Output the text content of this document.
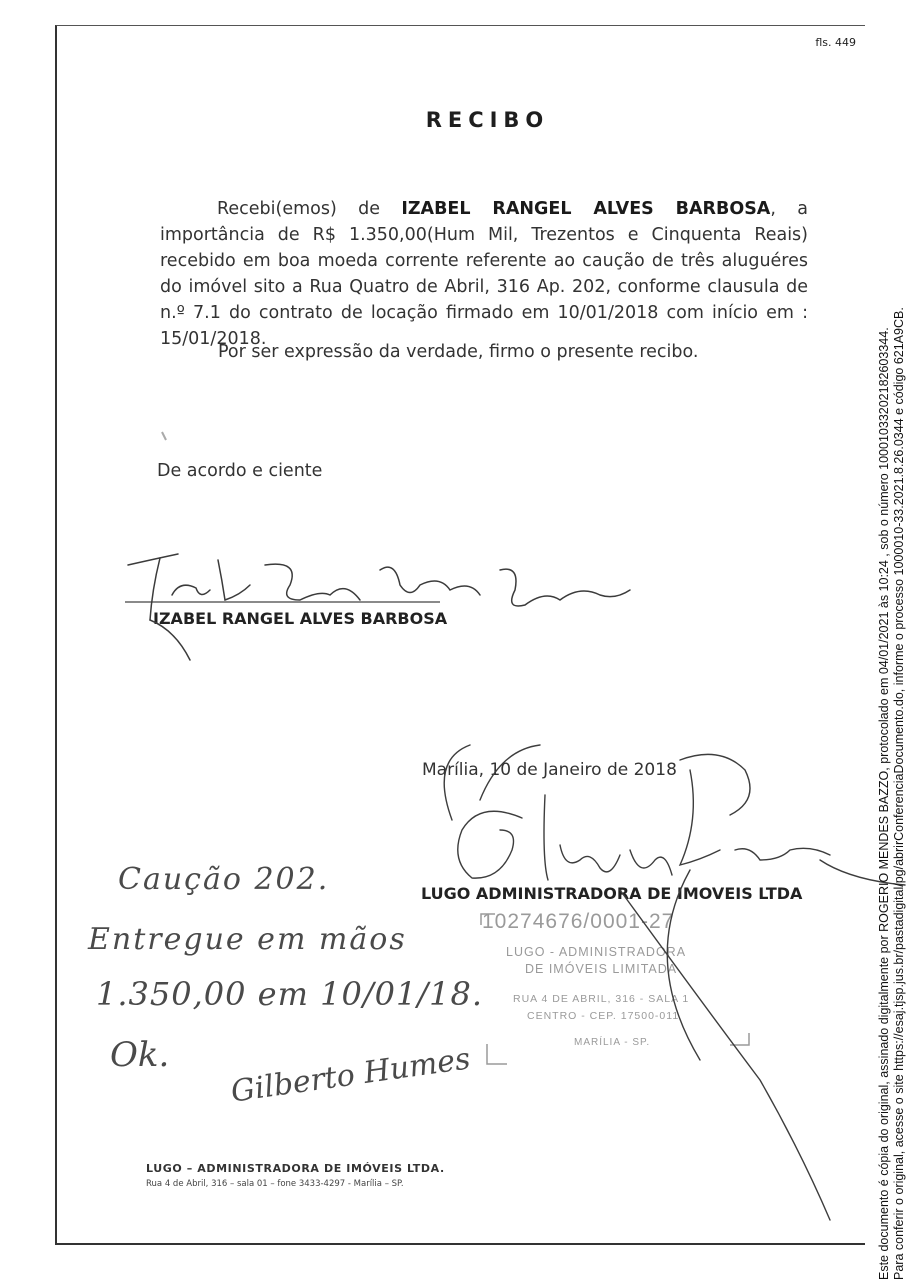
fls. 449
RECIBO

Recebi(emos) de IZABEL RANGEL ALVES BARBOSA, a importância de R$ 1.350,00(Hum Mil, Trezentos e Cinquenta Reais) recebido em boa moeda corrente referente ao caução de três aluguéres do imóvel sito a Rua Quatro de Abril, 316 Ap. 202, conforme clausula de n.º 7.1 do contrato de locação firmado em 10/01/2018 com início em : 15/01/2018.

Por ser expressão da verdade, firmo o presente recibo.
De acordo e ciente
10274676/0001-27
LUGO - ADMINISTRADORA
DE IMÓVEIS LIMITADA
RUA 4 DE ABRIL, 316 - SALA 1
CENTRO - CEP. 17500-011
MARÍLIA - SP.
IZABEL RANGEL ALVES BARBOSA
Marília, 10 de Janeiro de 2018
LUGO ADMINISTRADORA DE IMOVEIS LTDA
Caução 202.
Entregue em mãos
1.350,00 em 10/01/18.
Ok. Gilberto Humes
LUGO – ADMINISTRADORA DE IMÓVEIS LTDA.
Rua 4 de Abril, 316 – sala 01 – fone 3433-4297 - Marília – SP.	Este documento é cópia do original, assinado digitalmente por ROGERIO MENDES BAZZO, protocolado em 04/01/2021 às 10:24 , sob o número 10001033202182603344. Para conferir o original, acesse o site https://esaj.tjsp.jus.br/pastadigital/pg/abrirConferenciaDocumento.do, informe o processo 1000010-33.2021.8.26.0344 e código 621A9CB.
